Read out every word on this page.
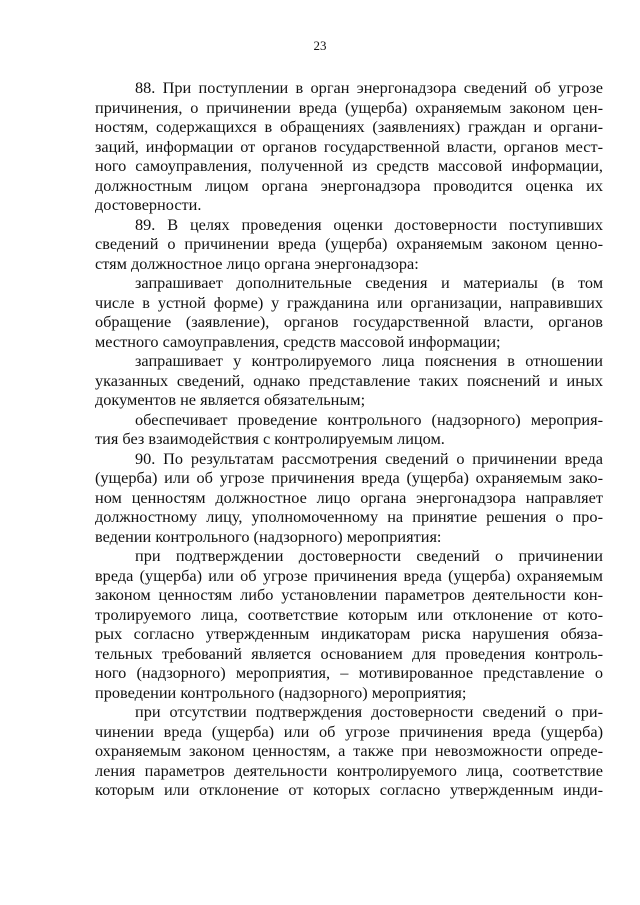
23
88. При поступлении в орган энергонадзора сведений об угрозе
причинения, о причинении вреда (ущерба) охраняемым законом цен-
ностям, содержащихся в обращениях (заявлениях) граждан и органи-
заций, информации от органов государственной власти, органов мест-
ного самоуправления, полученной из средств массовой информации,
должностным лицом органа энергонадзора проводится оценка их
достоверности.
89. В целях проведения оценки достоверности поступивших
сведений о причинении вреда (ущерба) охраняемым законом ценно-
стям должностное лицо органа энергонадзора:
запрашивает дополнительные сведения и материалы (в том
числе в устной форме) у гражданина или организации, направивших
обращение (заявление), органов государственной власти, органов
местного самоуправления, средств массовой информации;
запрашивает у контролируемого лица пояснения в отношении
указанных сведений, однако представление таких пояснений и иных
документов не является обязательным;
обеспечивает проведение контрольного (надзорного) мероприя-
тия без взаимодействия с контролируемым лицом.
90. По результатам рассмотрения сведений о причинении вреда
(ущерба) или об угрозе причинения вреда (ущерба) охраняемым зако-
ном ценностям должностное лицо органа энергонадзора направляет
должностному лицу, уполномоченному на принятие решения о про-
ведении контрольного (надзорного) мероприятия:
при подтверждении достоверности сведений о причинении
вреда (ущерба) или об угрозе причинения вреда (ущерба) охраняемым
законом ценностям либо установлении параметров деятельности кон-
тролируемого лица, соответствие которым или отклонение от кото-
рых согласно утвержденным индикаторам риска нарушения обяза-
тельных требований является основанием для проведения контроль-
ного (надзорного) мероприятия, – мотивированное представление о
проведении контрольного (надзорного) мероприятия;
при отсутствии подтверждения достоверности сведений о при-
чинении вреда (ущерба) или об угрозе причинения вреда (ущерба)
охраняемым законом ценностям, а также при невозможности опреде-
ления параметров деятельности контролируемого лица, соответствие
которым или отклонение от которых согласно утвержденным инди-
